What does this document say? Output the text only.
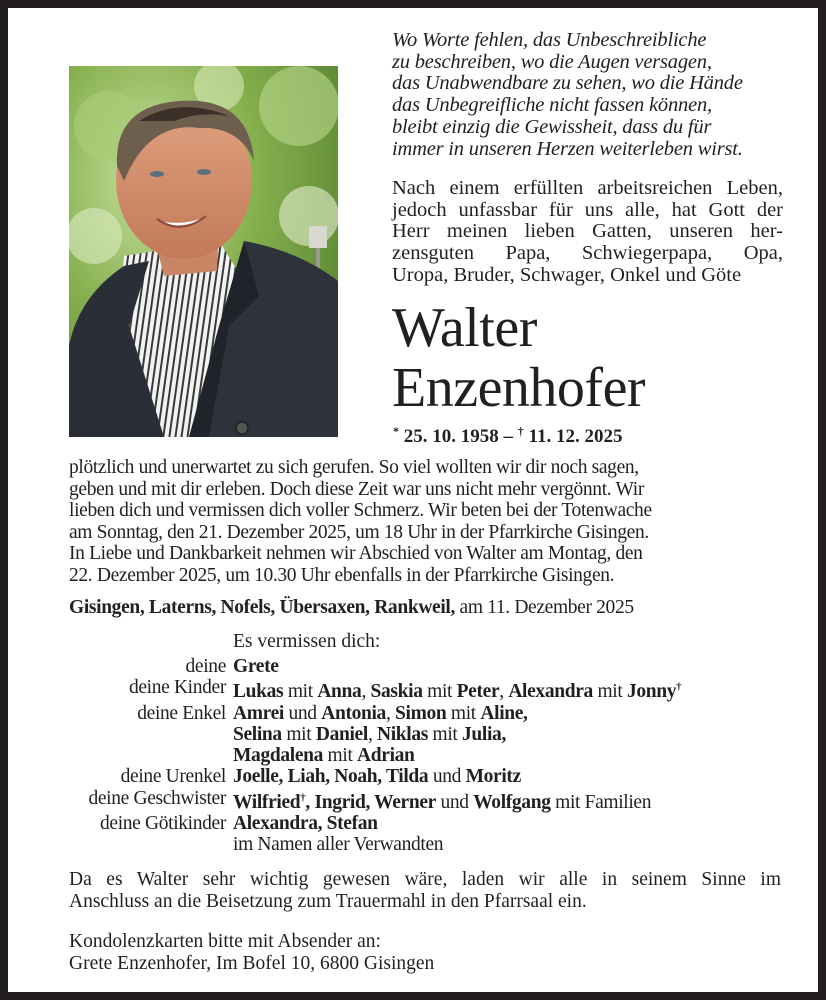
Wo Worte fehlen, das Unbeschreibliche
zu beschreiben, wo die Augen versagen,
das Unabwendbare zu sehen, wo die Hände
das Unbegreifliche nicht fassen können,
bleibt einzig die Gewissheit, dass du für
immer in unseren Herzen weiterleben wirst.
Nach einem erfüllten arbeitsreichen Leben,
jedoch unfassbar für uns alle, hat Gott der
Herr meinen lieben Gatten, unseren her-
zensguten Papa, Schwiegerpapa, Opa,
Uropa, Bruder, Schwager, Onkel und Göte
Walter
Enzenhofer
* 25. 10. 1958 – † 11. 12. 2025
plötzlich und unerwartet zu sich gerufen. So viel wollten wir dir noch sagen,
geben und mit dir erleben. Doch diese Zeit war uns nicht mehr vergönnt. Wir
lieben dich und vermissen dich voller Schmerz. Wir beten bei der Totenwache
am Sonntag, den 21. Dezember 2025, um 18 Uhr in der Pfarrkirche Gisingen.
In Liebe und Dankbarkeit nehmen wir Abschied von Walter am Montag, den
22. Dezember 2025, um 10.30 Uhr ebenfalls in der Pfarrkirche Gisingen.
Gisingen, Laterns, Nofels, Übersaxen, Rankweil, am 11. Dezember 2025
Es vermissen dich:
deine Grete
deine Kinder Lukas mit Anna, Saskia mit Peter, Alexandra mit Jonny†
deine Enkel Amrei und Antonia, Simon mit Aline,
Selina mit Daniel, Niklas mit Julia,
Magdalena mit Adrian
deine Urenkel Joelle, Liah, Noah, Tilda und Moritz
deine Geschwister Wilfried†, Ingrid, Werner und Wolfgang mit Familien
deine Götikinder Alexandra, Stefan
im Namen aller Verwandten
Da es Walter sehr wichtig gewesen wäre, laden wir alle in seinem Sinne im
Anschluss an die Beisetzung zum Trauermahl in den Pfarrsaal ein.
Kondolenzkarten bitte mit Absender an:
Grete Enzenhofer, Im Bofel 10, 6800 Gisingen
